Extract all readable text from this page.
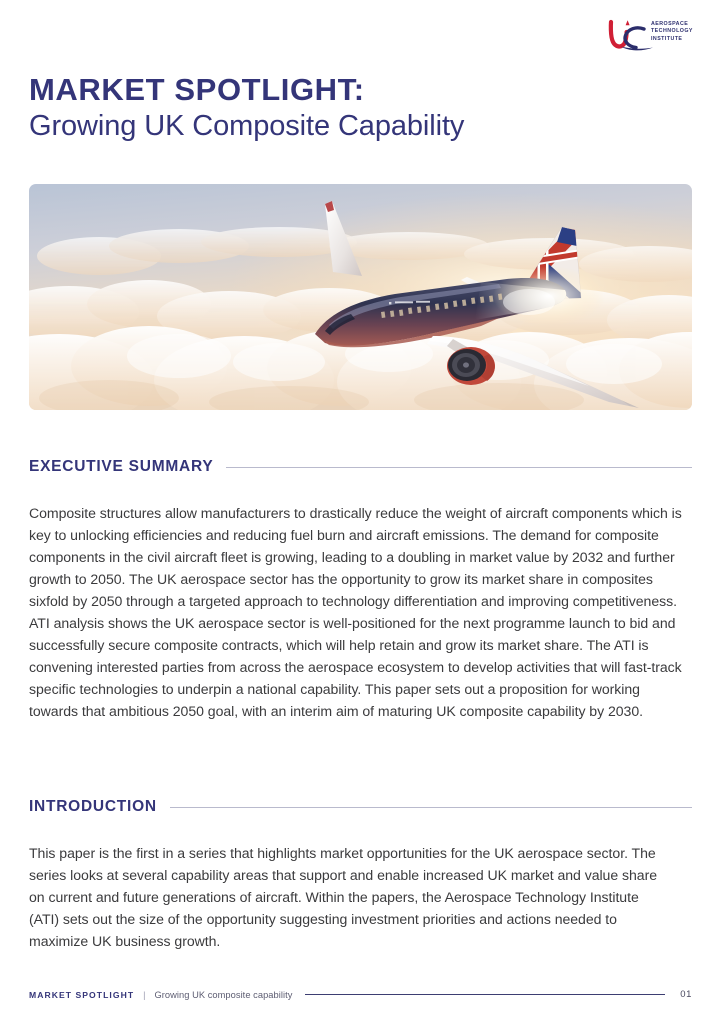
AEROSPACE
TECHNOLOGY
INSTITUTE
MARKET SPOTLIGHT:
Growing UK Composite Capability
EXECUTIVE SUMMARY

Composite structures allow manufacturers to drastically reduce the weight of aircraft components which is key to unlocking efficiencies and reducing fuel burn and aircraft emissions. The demand for composite components in the civil aircraft fleet is growing, leading to a doubling in market value by 2032 and further growth to 2050. The UK aerospace sector has the opportunity to grow its market share in composites sixfold by 2050 through a targeted approach to technology differentiation and improving competitiveness. ATI analysis shows the UK aerospace sector is well-positioned for the next programme launch to bid and successfully secure composite contracts, which will help retain and grow its market share. The ATI is convening interested parties from across the aerospace ecosystem to develop activities that will fast-track specific technologies to underpin a national capability. This paper sets out a proposition for working towards that ambitious 2050 goal, with an interim aim of maturing UK composite capability by 2030.

INTRODUCTION

This paper is the first in a series that highlights market opportunities for the UK aerospace sector. The series looks at several capability areas that support and enable increased UK market and value share on current and future generations of aircraft. Within the papers, the Aerospace Technology Institute (ATI) sets out the size of the opportunity suggesting investment priorities and actions needed to maximize UK business growth.

MARKET SPOTLIGHT | Growing UK composite capability	01
